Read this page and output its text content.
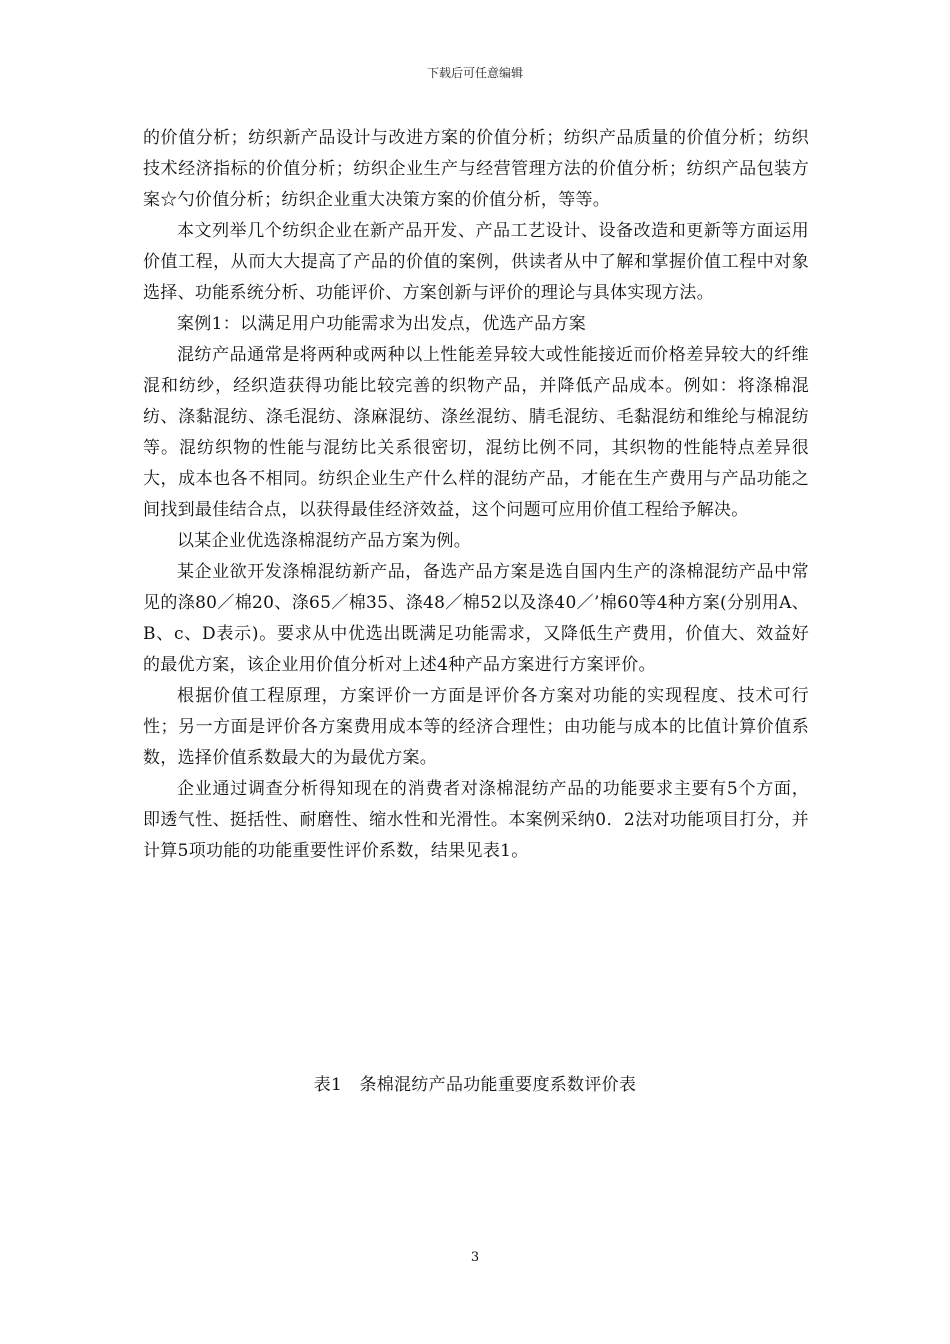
下载后可任意编辑

的价值分析；纺织新产品设计与改进方案的价值分析；纺织产品质量的价值分析；纺织技术经济指标的价值分析；纺织企业生产与经营管理方法的价值分析；纺织产品包装方案☆勺价值分析；纺织企业重大决策方案的价值分析，等等。

本文列举几个纺织企业在新产品开发、产品工艺设计、设备改造和更新等方面运用价值工程，从而大大提高了产品的价值的案例，供读者从中了解和掌握价值工程中对象选择、功能系统分析、功能评价、方案创新与评价的理论与具体实现方法。

案例1：以满足用户功能需求为出发点，优选产品方案

混纺产品通常是将两种或两种以上性能差异较大或性能接近而价格差异较大的纤维混和纺纱，经织造获得功能比较完善的织物产品，并降低产品成本。例如：将涤棉混纺、涤黏混纺、涤毛混纺、涤麻混纺、涤丝混纺、腈毛混纺、毛黏混纺和维纶与棉混纺等。混纺织物的性能与混纺比关系很密切，混纺比例不同，其织物的性能特点差异很大，成本也各不相同。纺织企业生产什么样的混纺产品，才能在生产费用与产品功能之间找到最佳结合点，以获得最佳经济效益，这个问题可应用价值工程给予解决。

以某企业优选涤棉混纺产品方案为例。

某企业欲开发涤棉混纺新产品，备选产品方案是选自国内生产的涤棉混纺产品中常见的涤80／棉20、涤65／棉35、涤48／棉52以及涤40／’棉60等4种方案(分别用A、B、c、D表示)。要求从中优选出既满足功能需求，又降低生产费用，价值大、效益好的最优方案，该企业用价值分析对上述4种产品方案进行方案评价。

根据价值工程原理，方案评价一方面是评价各方案对功能的实现程度、技术可行性；另一方面是评价各方案费用成本等的经济合理性；由功能与成本的比值计算价值系数，选择价值系数最大的为最优方案。

企业通过调查分析得知现在的消费者对涤棉混纺产品的功能要求主要有5个方面，即透气性、挺括性、耐磨性、缩水性和光滑性。本案例采纳0．2法对功能项目打分，并计算5项功能的功能重要性评价系数，结果见表1。

表1　条棉混纺产品功能重要度系数评价表
3
